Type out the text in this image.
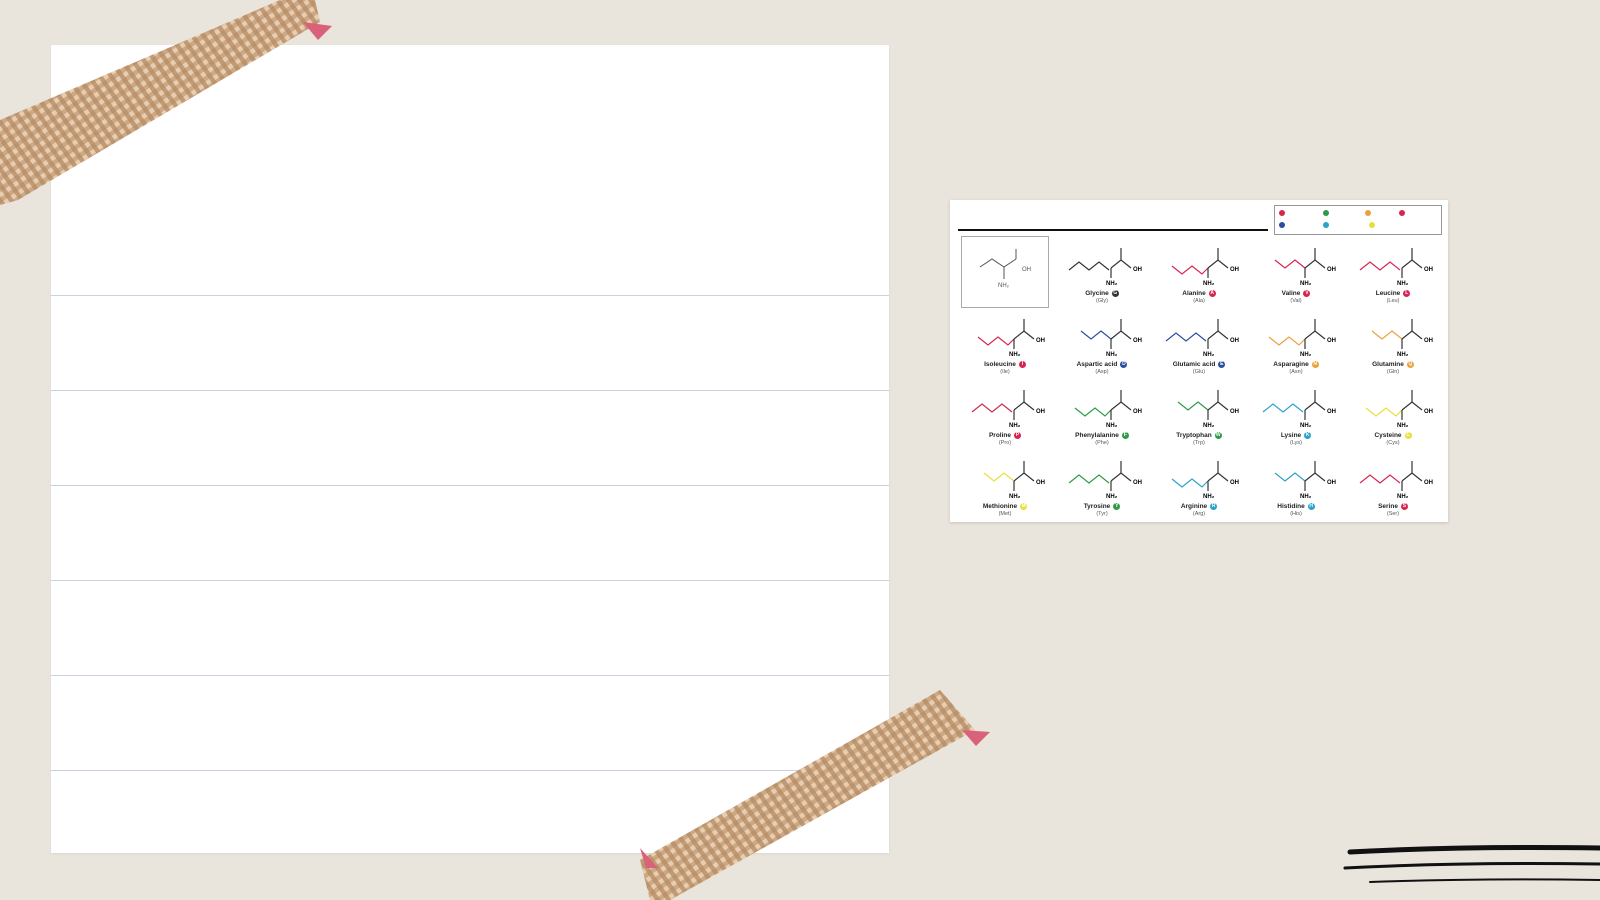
OH
NH₂
OH
NH₂
Glycine G
(Gly)
OH
NH₂
Alanine A
(Ala)
OH
NH₂
Valine V
(Val)
OH
NH₂
Leucine L
(Leu)
OH
NH₂
Isoleucine I
(Ile)
OH
NH₂
Aspartic acid D
(Asp)
OH
NH₂
Glutamic acid E
(Glu)
OH
NH₂
Asparagine N
(Asn)
OH
NH₂
Glutamine Q
(Gln)
OH
NH₂
Proline P
(Pro)
OH
NH₂
Phenylalanine F
(Phe)
OH
NH₂
Tryptophan W
(Trp)
OH
NH₂
Lysine K
(Lys)
OH
NH₂
Cysteine C
(Cys)
OH
NH₂
Methionine M
(Met)
OH
NH₂
Tyrosine Y
(Tyr)
OH
NH₂
Arginine R
(Arg)
OH
NH₂
Histidine H
(His)
OH
NH₂
Serine S
(Ser)
